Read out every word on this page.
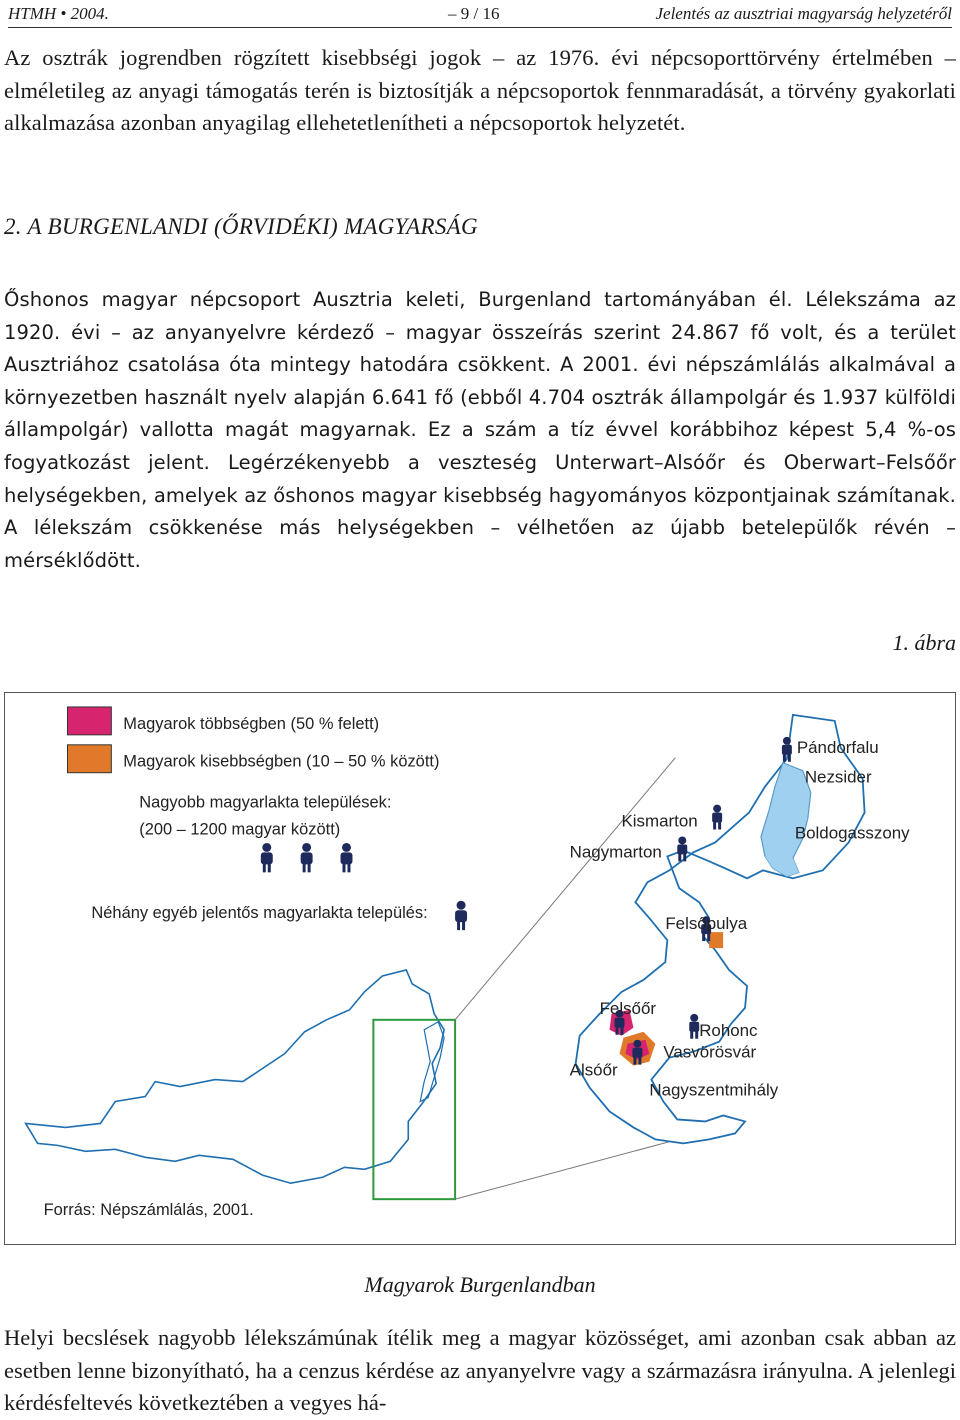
HTMH • 2004.	– 9 / 16	Jelentés az ausztriai magyarság helyzetéről
Az osztrák jogrendben rögzített kisebbségi jogok – az 1976. évi népcsoporttörvény értelmében – elméletileg az anyagi támogatás terén is biztosítják a népcsoportok fennmaradását, a törvény gyakorlati alkalmazása azonban anyagilag ellehetetlenítheti a népcsoportok helyzetét.
2. A BURGENLANDI (ŐRVIDÉKI) MAGYARSÁG
Őshonos magyar népcsoport Ausztria keleti, Burgenland tartományában él. Lélekszáma az 1920. évi – az anyanyelvre kérdező – magyar összeírás szerint 24.867 fő volt, és a terület Ausztriához csatolása óta mintegy hatodára csökkent. A 2001. évi népszámlálás alkalmával a környezetben használt nyelv alapján 6.641 fő (ebből 4.704 osztrák állampolgár és 1.937 külföldi állampolgár) vallotta magát magyarnak. Ez a szám a tíz évvel korábbihoz képest 5,4 %-os fogyatkozást jelent. Legérzékenyebb a veszteség Unterwart–Alsóőr és Oberwart–Felsőőr helységekben, amelyek az őshonos magyar kisebbség hagyományos központjainak számítanak. A lélekszám csökkenése más helységekben – vélhetően az újabb betelepülők révén – mérséklődött.
1. ábra
Magyarok többségben (50 % felett)
Magyarok kisebbségben (10 – 50 % között)
Nagyobb magyarlakta települések:
(200 – 1200 magyar között)
Néhány egyéb jelentős magyarlakta település:
Pándorfalu
Nezsider
Kismarton
Boldogasszony
Nagymarton
Felsőpulya
Felsőőr
Rohonc
Vasvörösvár
Alsóőr
Nagyszentmihály
Forrás: Népszámlálás, 2001.
Magyarok Burgenlandban
Helyi becslések nagyobb lélekszámúnak ítélik meg a magyar közösséget, ami azonban csak abban az esetben lenne bizonyítható, ha a cenzus kérdése az anyanyelvre vagy a származásra irányulna. A jelenlegi kérdésfeltevés következtében a vegyes há-
